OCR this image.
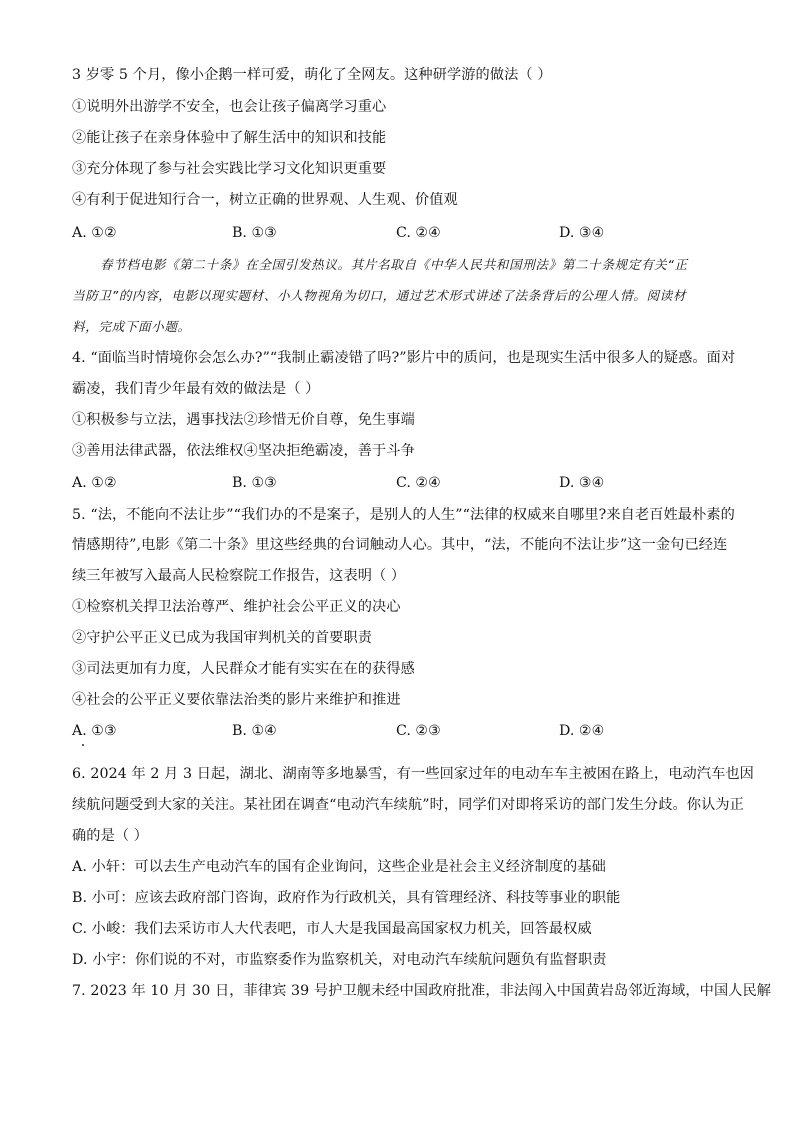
3 岁零 5 个月，像小企鹅一样可爱，萌化了全网友。这种研学游的做法（ ）
①说明外出游学不安全，也会让孩子偏离学习重心
②能让孩子在亲身体验中了解生活中的知识和技能
③充分体现了参与社会实践比学习文化知识更重要
④有利于促进知行合一，树立正确的世界观、人生观、价值观
A. ①②	B. ①③	C. ②④	D. ③④
春节档电影《第二十条》在全国引发热议。其片名取自《中华人民共和国刑法》第二十条规定有关“正
当防卫”的内容，电影以现实题材、小人物视角为切口，通过艺术形式讲述了法条背后的公理人情。阅读材
料，完成下面小题。
4. “面临当时情境你会怎么办?”“我制止霸凌错了吗?”影片中的质问，也是现实生活中很多人的疑惑。面对
霸凌，我们青少年最有效的做法是（ ）
①积极参与立法，遇事找法②珍惜无价自尊，免生事端
③善用法律武器，依法维权④坚决拒绝霸凌，善于斗争
A. ①②	B. ①③	C. ②④	D. ③④
5. “法，不能向不法让步”“我们办的不是案子，是别人的人生”“法律的权威来自哪里?来自老百姓最朴素的
情感期待”,电影《第二十条》里这些经典的台词触动人心。其中，“法，不能向不法让步”这一金句已经连
续三年被写入最高人民检察院工作报告，这表明（ ）
①检察机关捍卫法治尊严、维护社会公平正义的决心
②守护公平正义已成为我国审判机关的首要职责
③司法更加有力度，人民群众才能有实实在在的获得感
④社会的公平正义要依靠法治类的影片来维护和推进
A. ①③	B. ①④	C. ②③	D. ②④
6. 2024 年 2 月 3 日起，湖北、湖南等多地暴雪，有一些回家过年的电动车车主被困在路上，电动汽车也因
续航问题受到大家的关注。某社团在调查“电动汽车续航”时，同学们对即将采访的部门发生分歧。你认为正
确的是（ ）
A. 小轩：可以去生产电动汽车的国有企业询问，这些企业是社会主义经济制度的基础
B. 小可：应该去政府部门咨询，政府作为行政机关，具有管理经济、科技等事业的职能
C. 小峻：我们去采访市人大代表吧，市人大是我国最高国家权力机关，回答最权威
D. 小宇：你们说的不对，市监察委作为监察机关，对电动汽车续航问题负有监督职责
7. 2023 年 10 月 30 日，菲律宾 39 号护卫舰未经中国政府批准，非法闯入中国黄岩岛邻近海域，中国人民解
